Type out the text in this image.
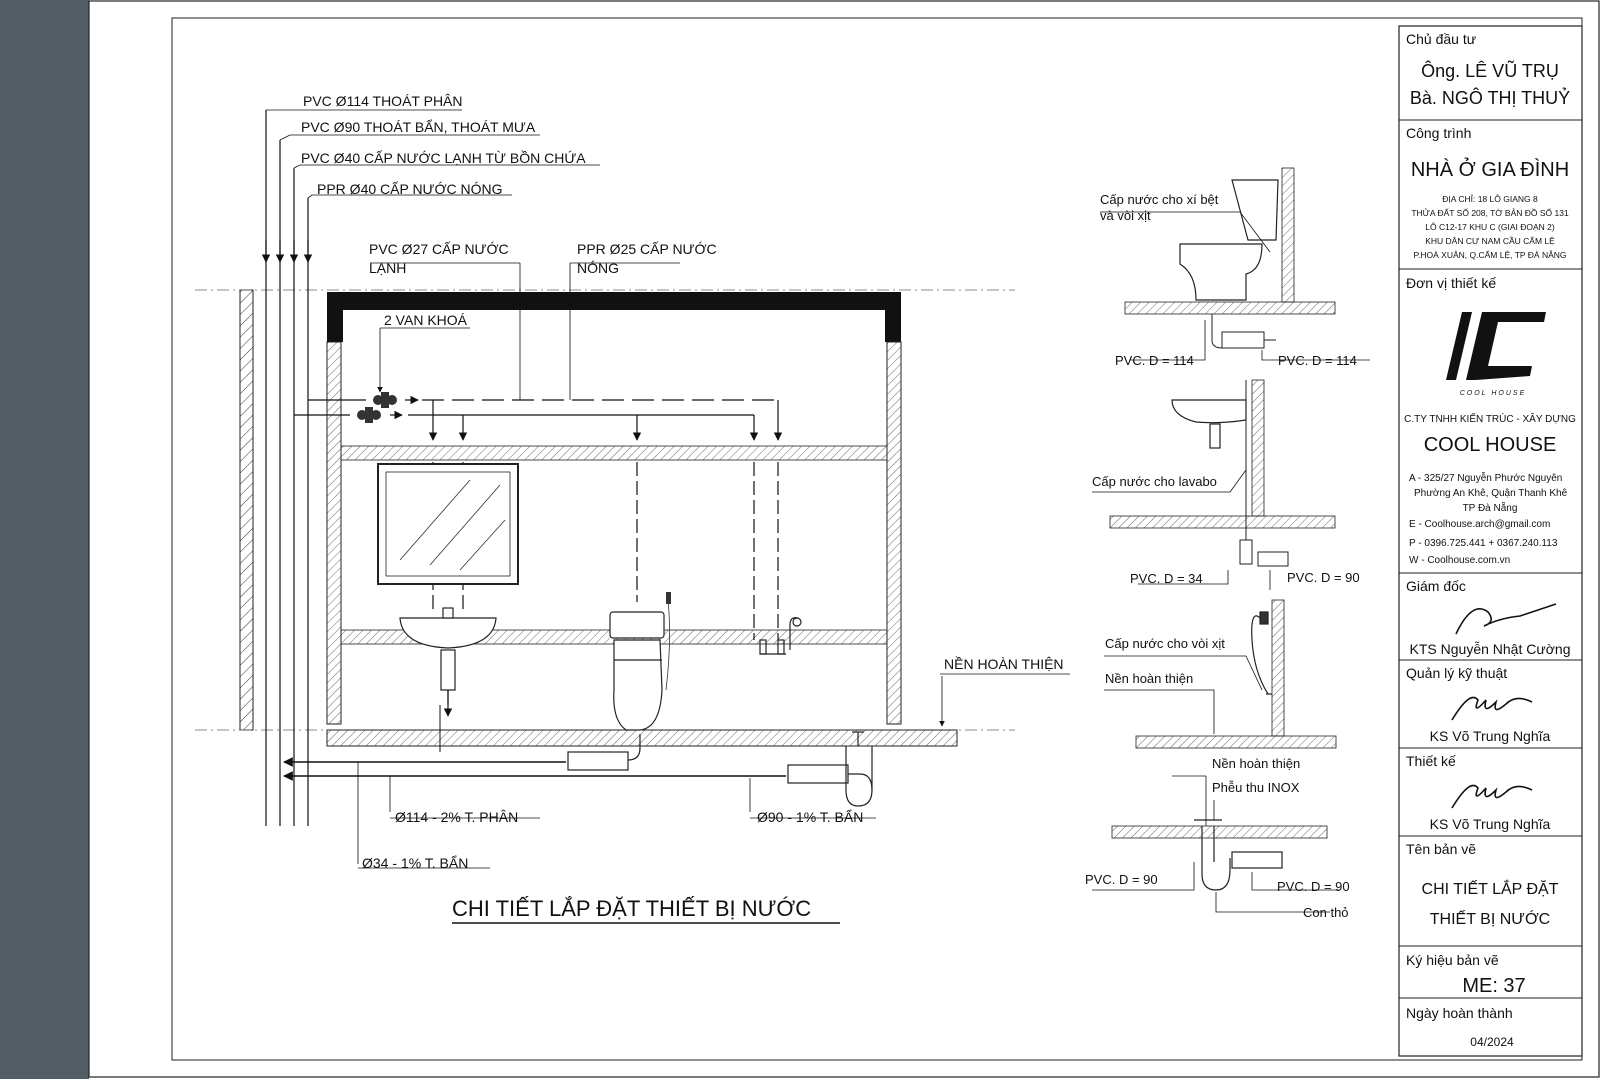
PVC Ø114 THOÁT PHÂN
PVC Ø90 THOÁT BẨN, THOÁT MƯA
PVC Ø40 CẤP NƯỚC LẠNH TỪ BỒN CHỨA
PPR Ø40 CẤP NƯỚC NÓNG
PVC Ø27 CẤP NƯỚC
LẠNH
PPR Ø25 CẤP NƯỚC
NÓNG
2 VAN KHOÁ
NỀN HOÀN THIỆN
Ø114 - 2% T. PHÂN	Ø90 - 1% T. BẨN
Ø34 - 1% T. BẨN
CHI TIẾT LẮP ĐẶT THIẾT BỊ NƯỚC
Cấp nước cho xí bệt
và vòi xịt
PVC. D = 114	PVC. D = 114
Cấp nước cho lavabo
PVC. D = 34	PVC. D = 90
Cấp nước cho vòi xịt
Nền hoàn thiện
Nền hoàn thiện
Phễu thu INOX
PVC. D = 90	PVC. D = 90
Con thỏ
Chủ đầu tư
Ông. LÊ VŨ TRỤ
Bà. NGÔ THỊ THUỶ
Công trình
NHÀ Ở GIA ĐÌNH
ĐỊA CHỈ: 18 LÔ GIANG 8
THỬA ĐẤT SỐ 208, TỜ BẢN ĐỒ SỐ 131
LÔ C12-17 KHU C (GIAI ĐOẠN 2)
KHU DÂN CƯ NAM CẦU CẨM LỆ
P.HOÀ XUÂN, Q.CẨM LỆ, TP ĐÀ NẴNG
Đơn vị thiết kế
COOL HOUSE
C.TY TNHH KIẾN TRÚC - XÂY DỰNG
COOL HOUSE
A - 325/27 Nguyễn Phước Nguyên
Phường An Khê, Quận Thanh Khê
TP Đà Nẵng
E - Coolhouse.arch@gmail.com
P - 0396.725.441 + 0367.240.113
W - Coolhouse.com.vn
Giám đốc
KTS Nguyễn Nhật Cường
Quản lý kỹ thuật
KS Võ Trung Nghĩa
Thiết kế
KS Võ Trung Nghĩa
Tên bản vẽ
CHI TIẾT LẮP ĐẶT
THIẾT BỊ NƯỚC
Ký hiệu bản vẽ
ME: 37
Ngày hoàn thành
04/2024
